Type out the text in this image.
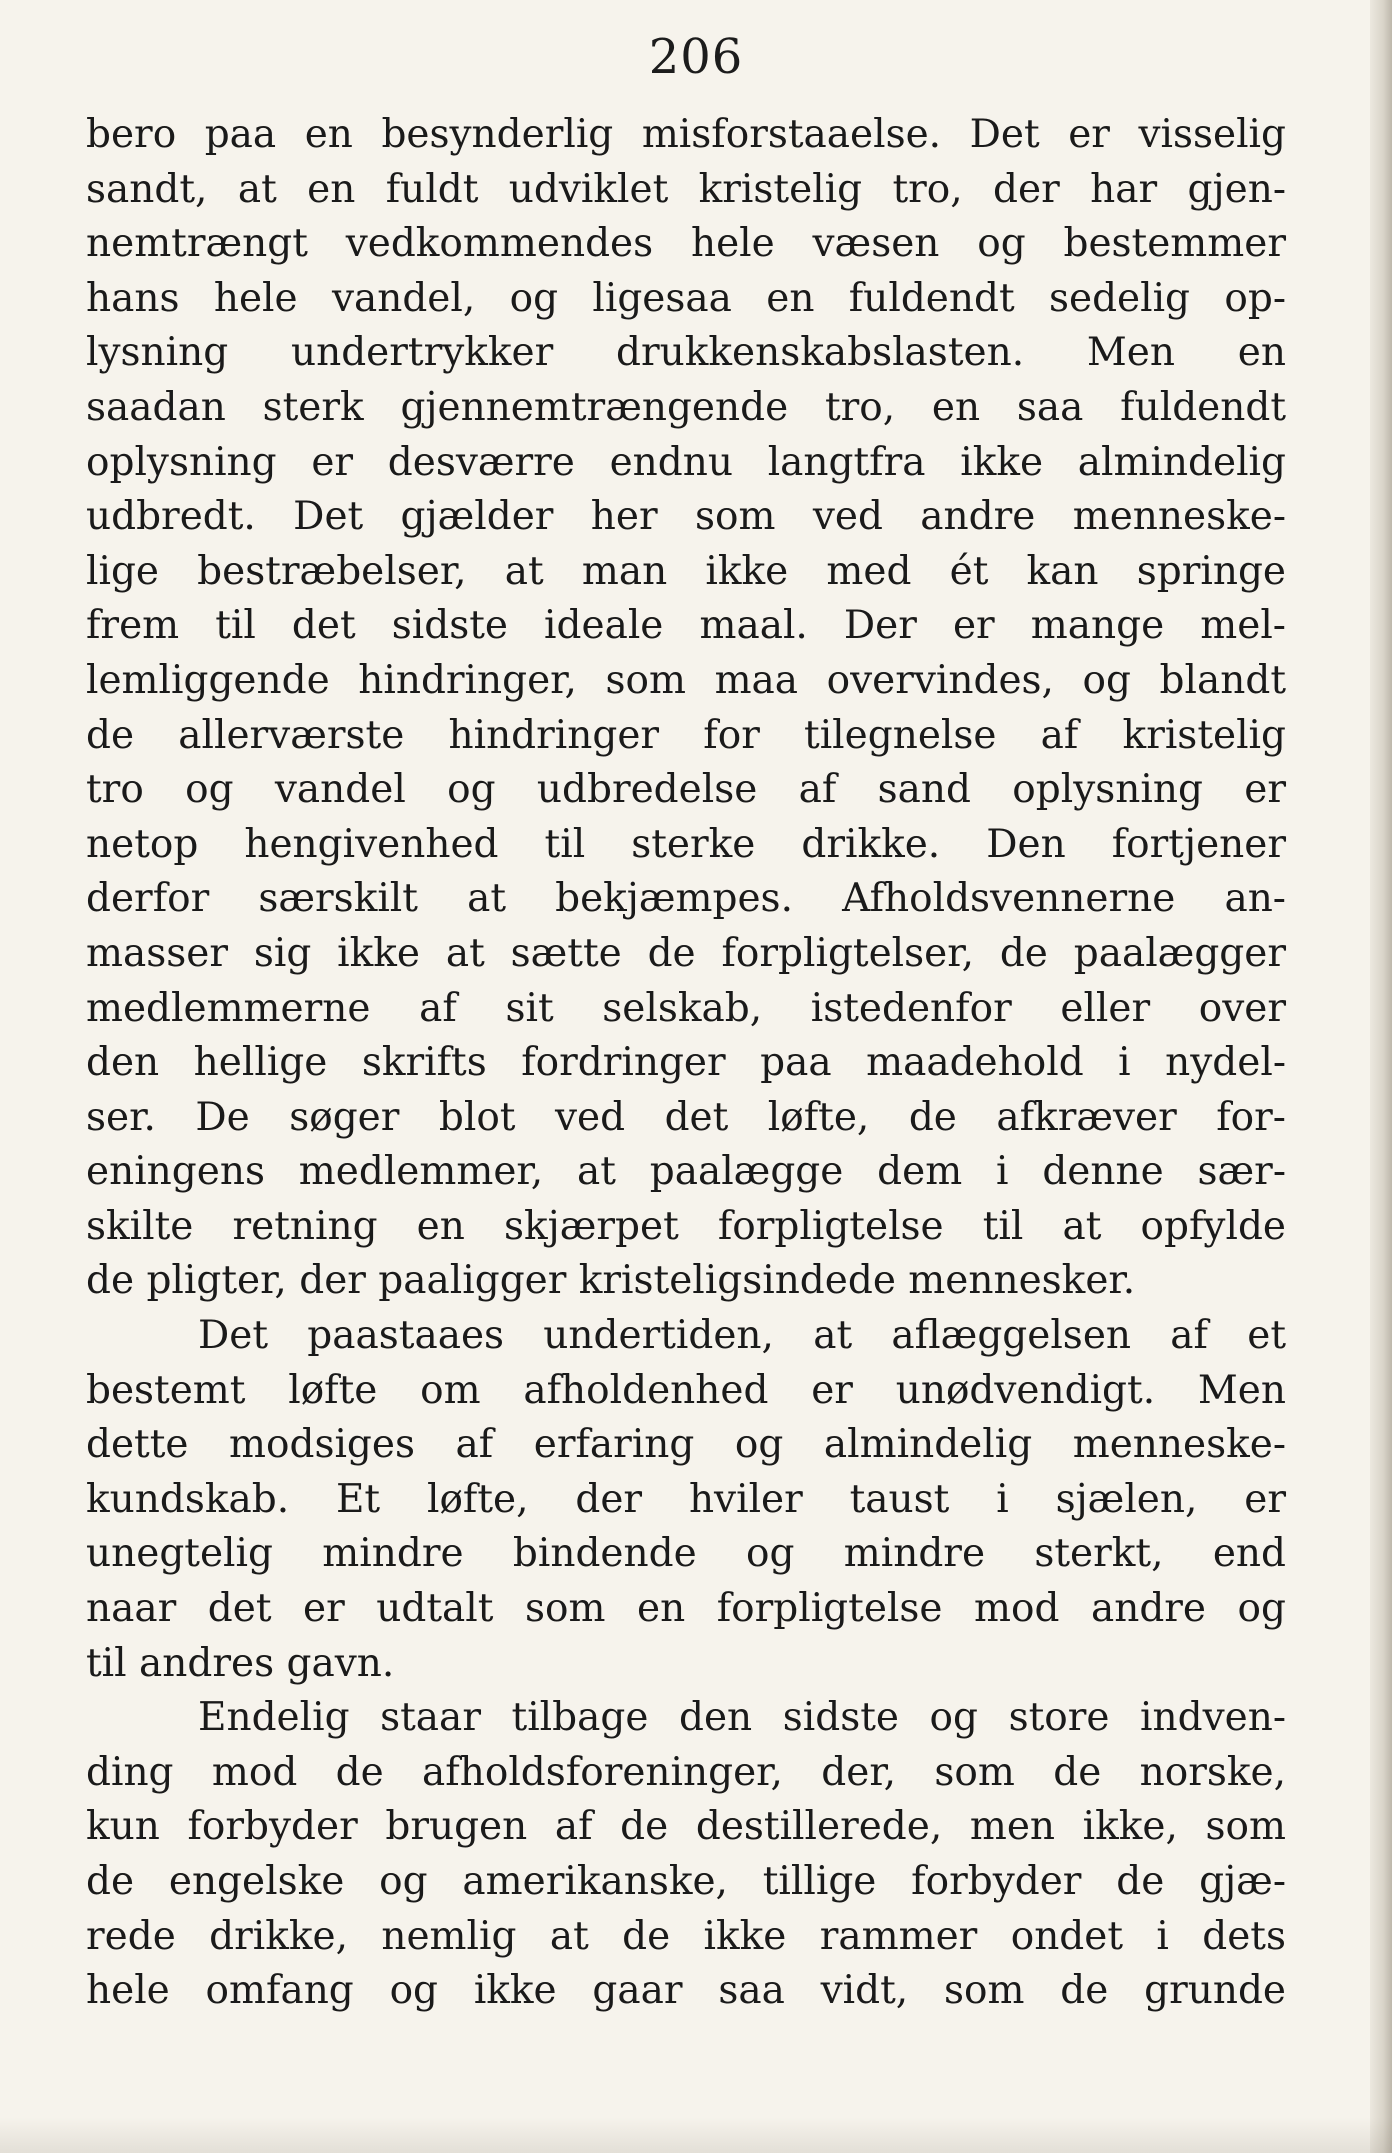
206
bero paa en besynderlig misforstaaelse. Det er visselig
sandt, at en fuldt udviklet kristelig tro, der har gjen-
nemtrængt vedkommendes hele væsen og bestemmer
hans hele vandel, og ligesaa en fuldendt sedelig op-
lysning undertrykker drukkenskabslasten. Men en
saadan sterk gjennemtrængende tro, en saa fuldendt
oplysning er desværre endnu langtfra ikke almindelig
udbredt. Det gjælder her som ved andre menneske-
lige bestræbelser, at man ikke med ét kan springe
frem til det sidste ideale maal. Der er mange mel-
lemliggende hindringer, som maa overvindes, og blandt
de allerværste hindringer for tilegnelse af kristelig
tro og vandel og udbredelse af sand oplysning er
netop hengivenhed til sterke drikke. Den fortjener
derfor særskilt at bekjæmpes. Afholdsvennerne an-
masser sig ikke at sætte de forpligtelser, de paalægger
medlemmerne af sit selskab, istedenfor eller over
den hellige skrifts fordringer paa maadehold i nydel-
ser. De søger blot ved det løfte, de afkræver for-
eningens medlemmer, at paalægge dem i denne sær-
skilte retning en skjærpet forpligtelse til at opfylde
de pligter, der paaligger kristeligsindede mennesker.
Det paastaaes undertiden, at aflæggelsen af et
bestemt løfte om afholdenhed er unødvendigt. Men
dette modsiges af erfaring og almindelig menneske-
kundskab. Et løfte, der hviler taust i sjælen, er
unegtelig mindre bindende og mindre sterkt, end
naar det er udtalt som en forpligtelse mod andre og
til andres gavn.
Endelig staar tilbage den sidste og store indven-
ding mod de afholdsforeninger, der, som de norske,
kun forbyder brugen af de destillerede, men ikke, som
de engelske og amerikanske, tillige forbyder de gjæ-
rede drikke, nemlig at de ikke rammer ondet i dets
hele omfang og ikke gaar saa vidt, som de grunde
